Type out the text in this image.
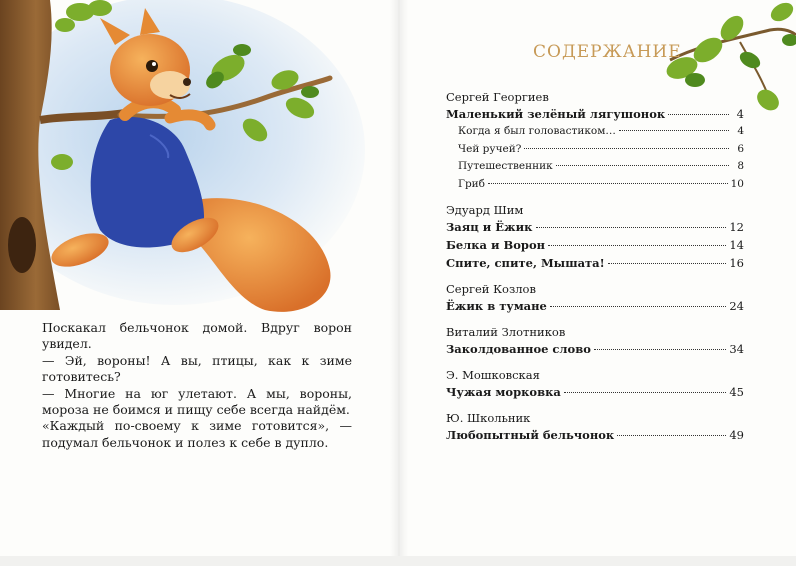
Поскакал бельчонок домой. Вдруг ворон увидел.

— Эй, вороны! А вы, птицы, как к зиме готовитесь?

— Многие на юг улетают. А мы, вороны, мороза не боимся и пищу себе всегда найдём.

«Каждый по-своему к зиме готовится», — подумал бельчонок и полез к себе в дупло.

СОДЕРЖАНИЕ
Сергей Георгиев
Маленький зелёный лягушонок	4
Когда я был головастиком…	4
Чей ручей?	6
Путешественник	8
Гриб	10
Эдуард Шим
Заяц и Ёжик	12
Белка и Ворон	14
Спите, спите, Мышата!	16
Сергей Козлов
Ёжик в тумане	24
Виталий Злотников
Заколдованное слово	34
Э. Мошковская
Чужая морковка	45
Ю. Школьник
Любопытный бельчонок	49
